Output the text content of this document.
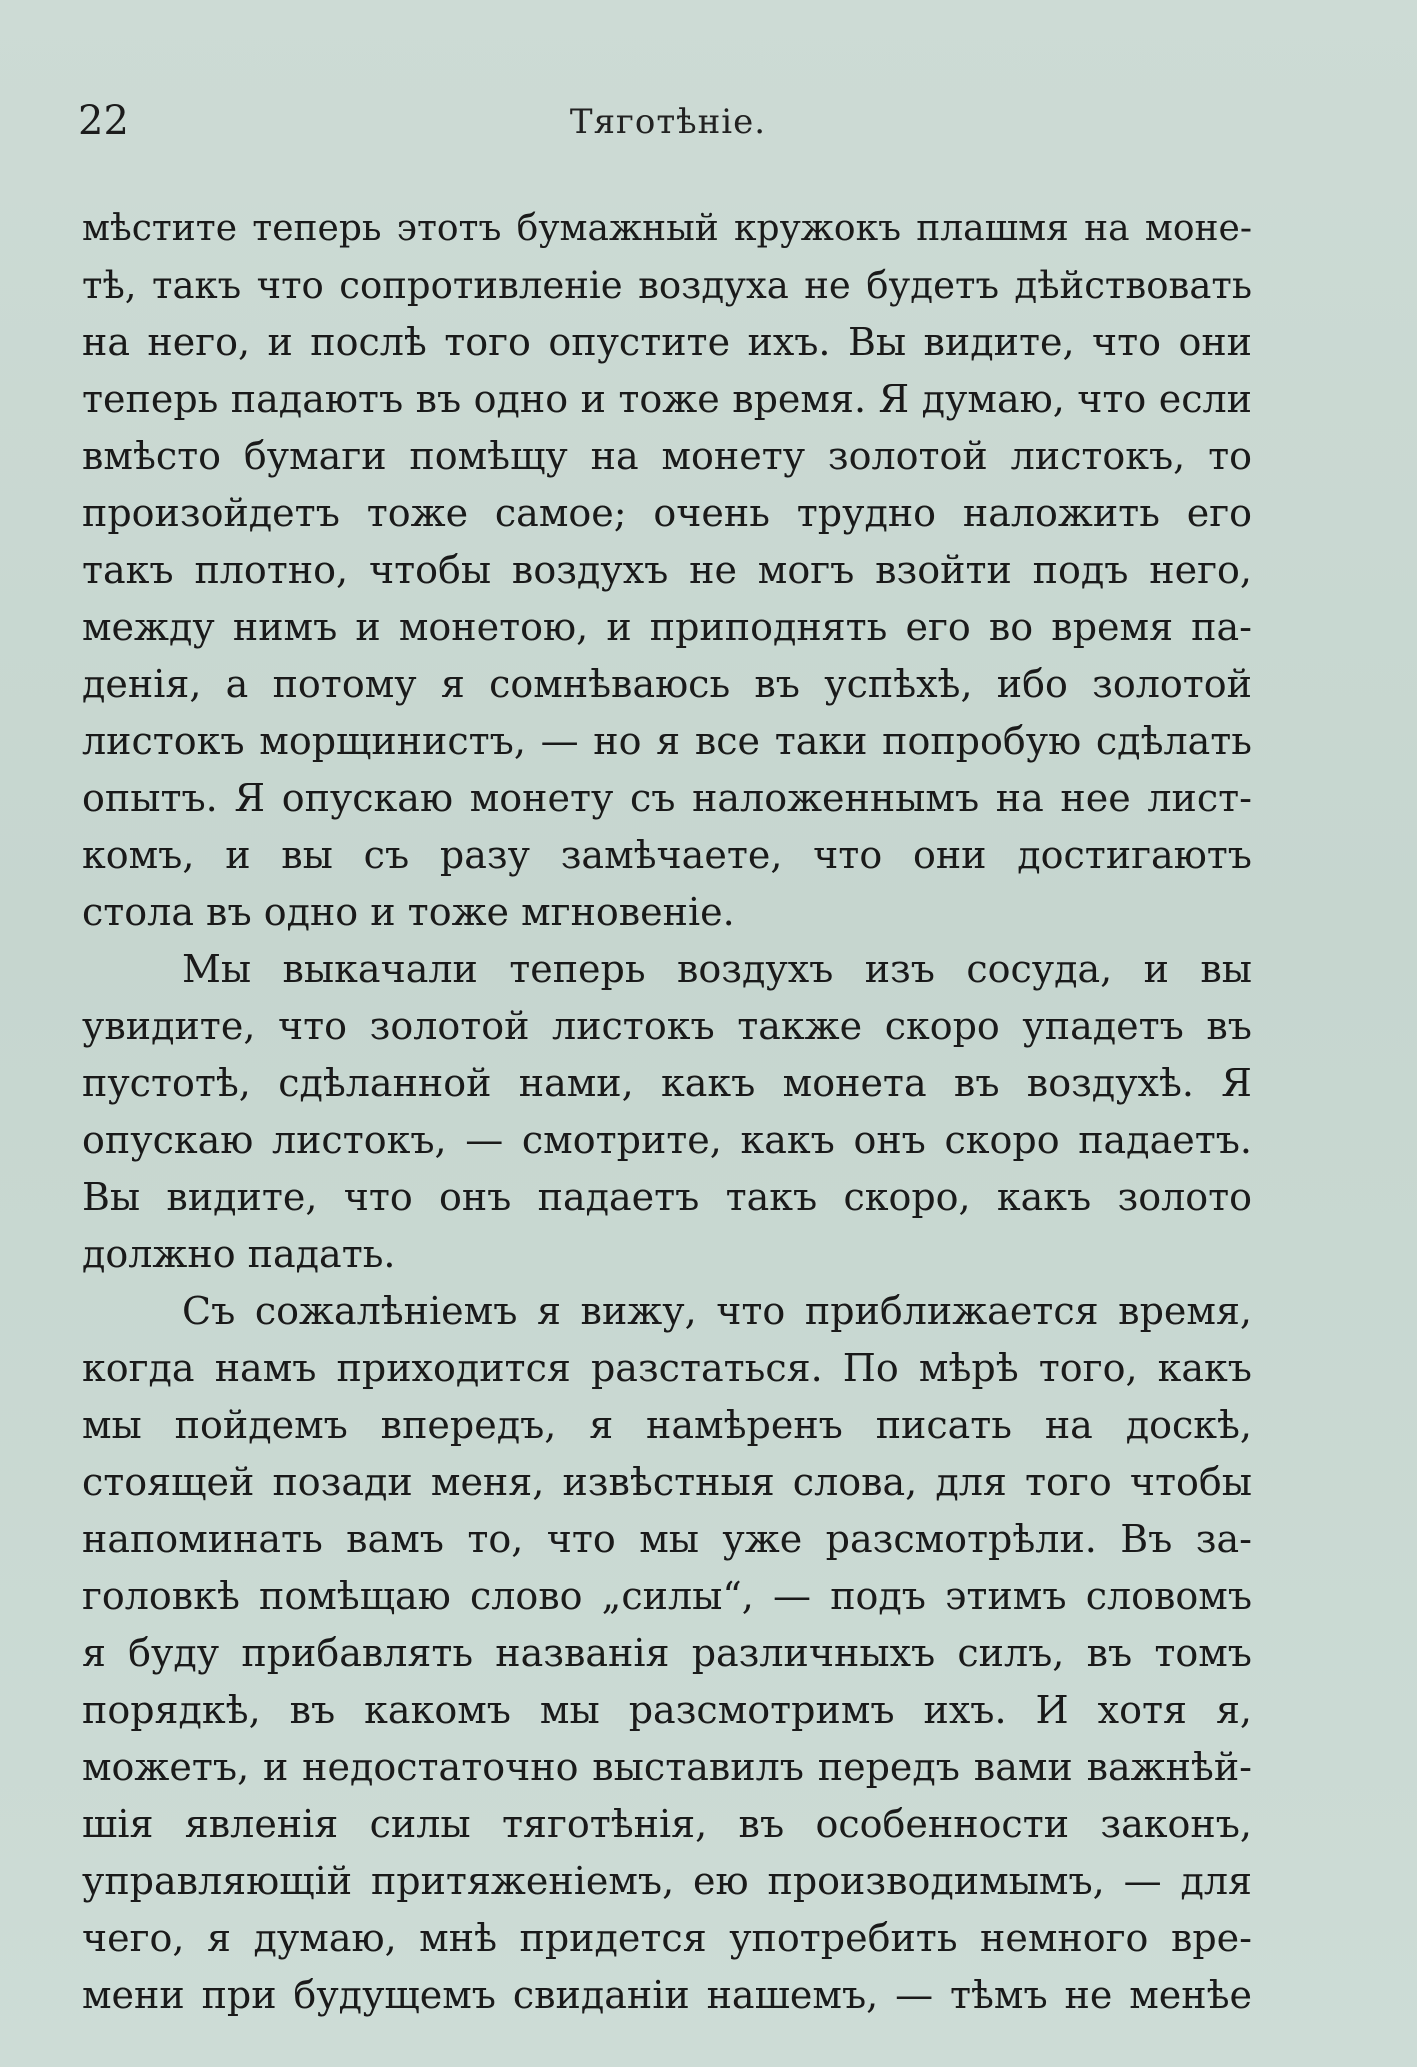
22	Тяготѣніе.
мѣстите теперь этотъ бумажный кружокъ плашмя на моне-
тѣ, такъ что сопротивленіе воздуха не будетъ дѣйствовать
на него, и послѣ того опустите ихъ. Вы видите, что они
теперь падаютъ въ одно и тоже время. Я думаю, что если
вмѣсто бумаги помѣщу на монету золотой листокъ, то
произойдетъ тоже самое; очень трудно наложить его
такъ плотно, чтобы воздухъ не могъ взойти подъ него,
между нимъ и монетою, и приподнять его во время па-
денія, а потому я сомнѣваюсь въ успѣхѣ, ибо золотой
листокъ морщинистъ, — но я все таки попробую сдѣлать
опытъ. Я опускаю монету съ наложеннымъ на нее лист-
комъ, и вы съ разу замѣчаете, что они достигаютъ
стола въ одно и тоже мгновеніе.
Мы выкачали теперь воздухъ изъ сосуда, и вы
увидите, что золотой листокъ также скоро упадетъ въ
пустотѣ, сдѣланной нами, какъ монета въ воздухѣ. Я
опускаю листокъ, — смотрите, какъ онъ скоро падаетъ.
Вы видите, что онъ падаетъ такъ скоро, какъ золото
должно падать.
Съ сожалѣніемъ я вижу, что приближается время,
когда намъ приходится разстаться. По мѣрѣ того, какъ
мы пойдемъ впередъ, я намѣренъ писать на доскѣ,
стоящей позади меня, извѣстныя слова, для того чтобы
напоминать вамъ то, что мы уже разсмотрѣли. Въ за-
головкѣ помѣщаю слово „силы“, — подъ этимъ словомъ
я буду прибавлять названія различныхъ силъ, въ томъ
порядкѣ, въ какомъ мы разсмотримъ ихъ. И хотя я,
можетъ, и недостаточно выставилъ передъ вами важнѣй-
шія явленія силы тяготѣнія, въ особенности законъ,
управляющій притяженіемъ, ею производимымъ, — для
чего, я думаю, мнѣ придется употребить немного вре-
мени при будущемъ свиданіи нашемъ, — тѣмъ не менѣе
